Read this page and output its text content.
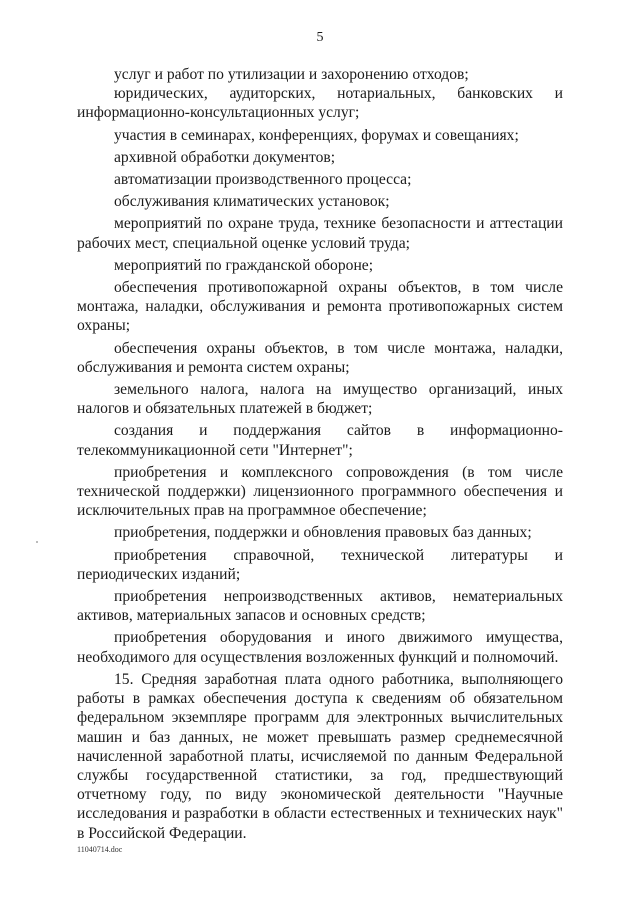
5

услуг и работ по утилизации и захоронению отходов;

юридических, аудиторских, нотариальных, банковских и информационно-консультационных услуг;

участия в семинарах, конференциях, форумах и совещаниях;

архивной обработки документов;

автоматизации производственного процесса;

обслуживания климатических установок;

мероприятий по охране труда, технике безопасности и аттестации рабочих мест, специальной оценке условий труда;

мероприятий по гражданской обороне;

обеспечения противопожарной охраны объектов, в том числе монтажа, наладки, обслуживания и ремонта противопожарных систем охраны;

обеспечения охраны объектов, в том числе монтажа, наладки, обслуживания и ремонта систем охраны;

земельного налога, налога на имущество организаций, иных налогов и обязательных платежей в бюджет;

создания и поддержания сайтов в информационно-телекоммуникационной сети "Интернет";

приобретения и комплексного сопровождения (в том числе технической поддержки) лицензионного программного обеспечения и исключительных прав на программное обеспечение;

приобретения, поддержки и обновления правовых баз данных;

приобретения справочной, технической литературы и периодических изданий;

приобретения непроизводственных активов, нематериальных активов, материальных запасов и основных средств;

приобретения оборудования и иного движимого имущества, необходимого для осуществления возложенных функций и полномочий.

15. Средняя заработная плата одного работника, выполняющего работы в рамках обеспечения доступа к сведениям об обязательном федеральном экземпляре программ для электронных вычислительных машин и баз данных, не может превышать размер среднемесячной начисленной заработной платы, исчисляемой по данным Федеральной службы государственной статистики, за год, предшествующий отчетному году, по виду экономической деятельности "Научные исследования и разработки в области естественных и технических наук" в Российской Федерации.

11040714.doc
